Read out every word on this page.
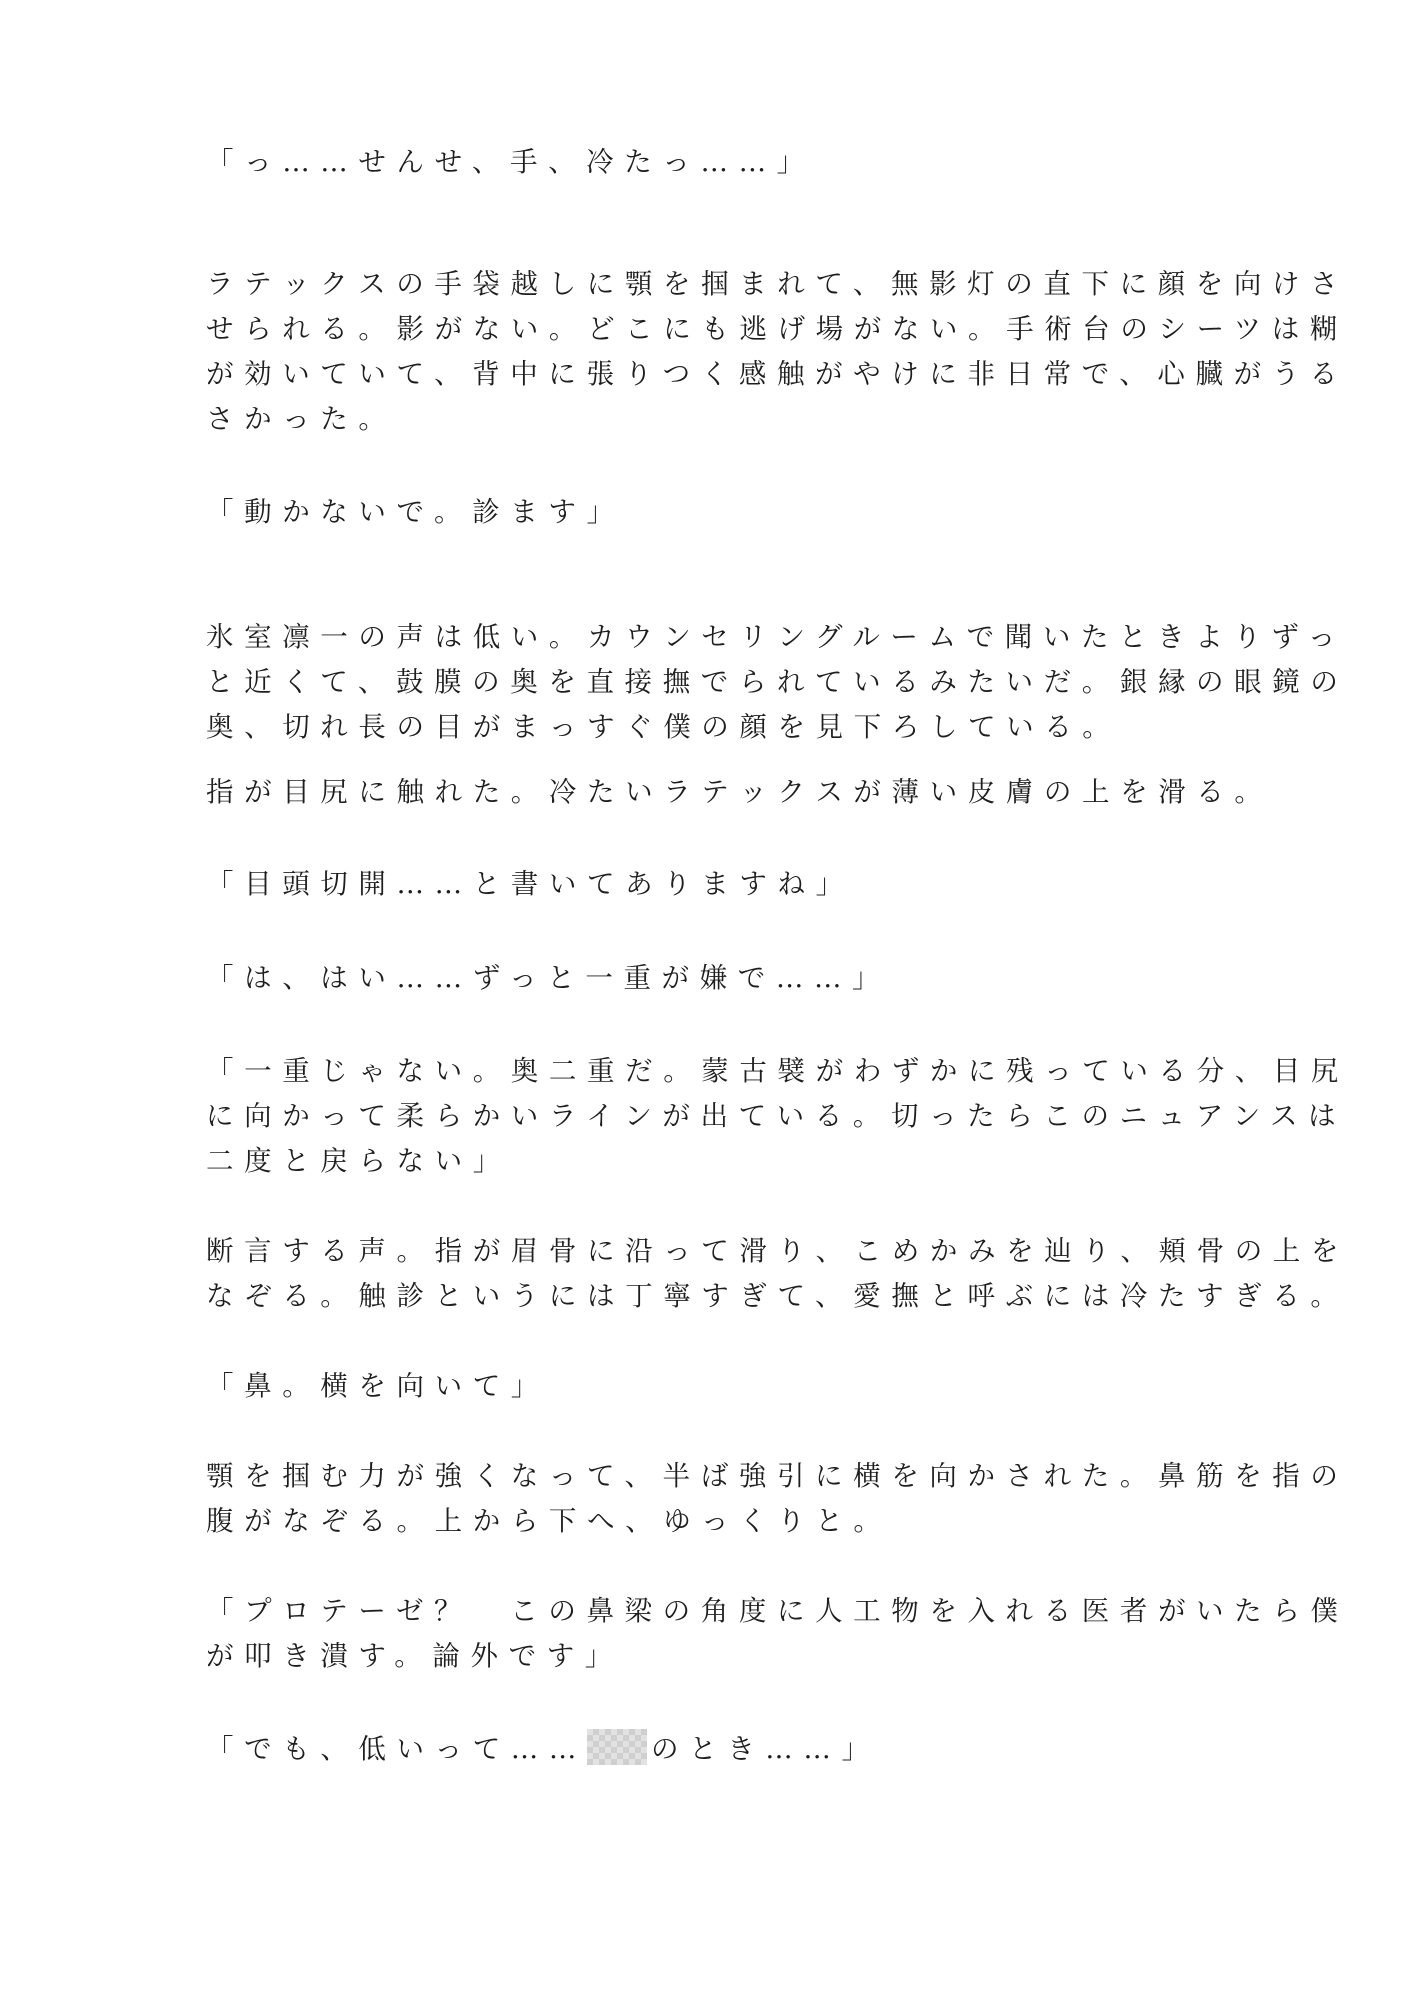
「っ……せんせ、手、冷たっ……」
ラテックスの手袋越しに顎を掴まれて、無影灯の直下に顔を向けさ
せられる。影がない。どこにも逃げ場がない。手術台のシーツは糊
が効いていて、背中に張りつく感触がやけに非日常で、心臓がうる
さかった。
「動かないで。診ます」
氷室凛一の声は低い。カウンセリングルームで聞いたときよりずっ
と近くて、鼓膜の奥を直接撫でられているみたいだ。銀縁の眼鏡の
奥、切れ長の目がまっすぐ僕の顔を見下ろしている。
指が目尻に触れた。冷たいラテックスが薄い皮膚の上を滑る。
「目頭切開……と書いてありますね」
「は、はい……ずっと一重が嫌で……」
「一重じゃない。奥二重だ。蒙古襞がわずかに残っている分、目尻
に向かって柔らかいラインが出ている。切ったらこのニュアンスは
二度と戻らない」
断言する声。指が眉骨に沿って滑り、こめかみを辿り、頬骨の上を
なぞる。触診というには丁寧すぎて、愛撫と呼ぶには冷たすぎる。
「鼻。横を向いて」
顎を掴む力が強くなって、半ば強引に横を向かされた。鼻筋を指の
腹がなぞる。上から下へ、ゆっくりと。
「プロテーゼ？　この鼻梁の角度に人工物を入れる医者がいたら僕
が叩き潰す。論外です」
「でも、低いって…… のとき……」
